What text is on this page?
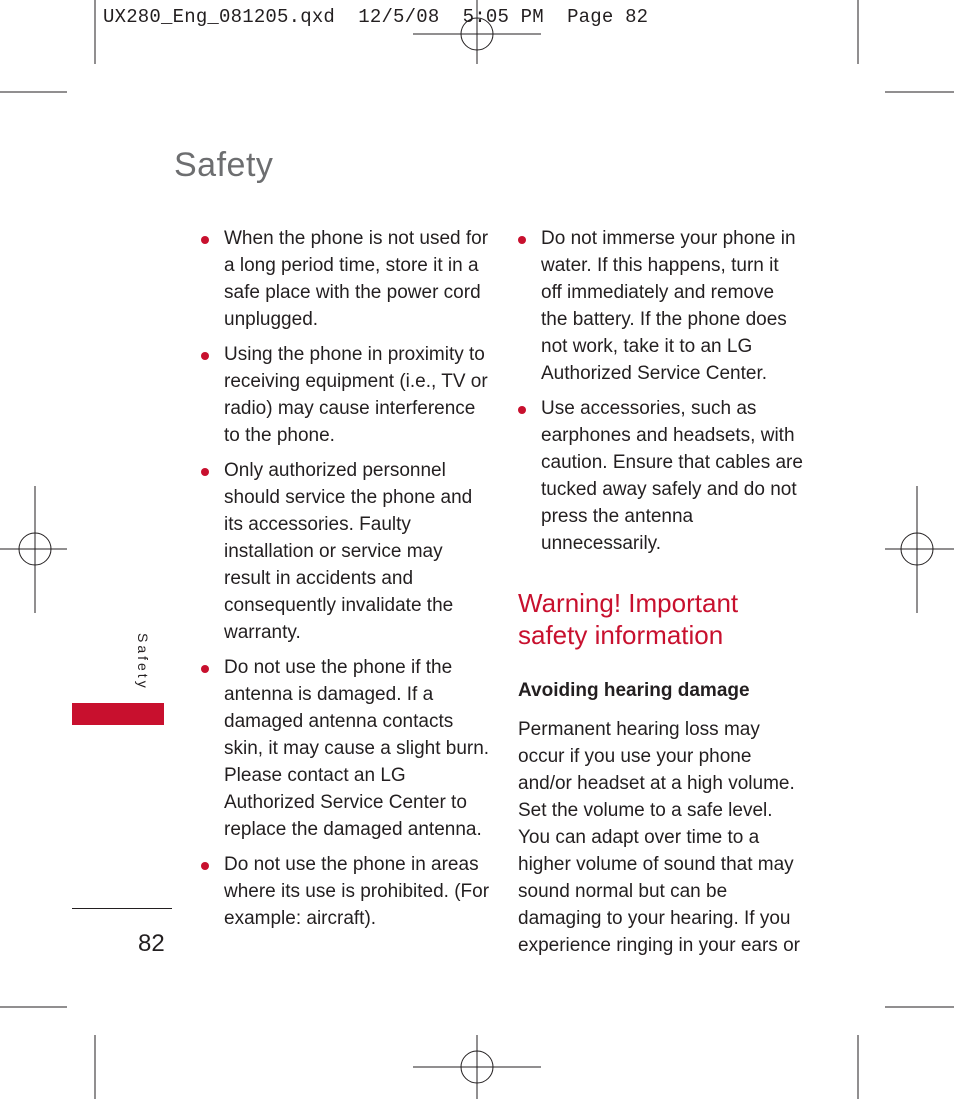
UX280_Eng_081205.qxd  12/5/08  5:05 PM  Page 82
Safety
When the phone is not used for a long period time, store it in a safe place with the power cord unplugged.
Using the phone in proximity to receiving equipment (i.e., TV or radio) may cause interference to the phone.
Only authorized personnel should service the phone and its accessories. Faulty installation or service may result in accidents and consequently invalidate the warranty.
Do not use the phone if the antenna is damaged. If a damaged antenna contacts skin, it may cause a slight burn. Please contact an LG Authorized Service Center to replace the damaged antenna.
Do not use the phone in areas where its use is prohibited. (For example: aircraft).
Do not immerse your phone in water. If this happens, turn it off immediately and remove the battery. If the phone does not work, take it to an LG Authorized Service Center.
Use accessories, such as earphones and headsets, with caution. Ensure that cables are tucked away safely and do not press the antenna unnecessarily.
Warning! Important safety information
Avoiding hearing damage

Permanent hearing loss may occur if you use your phone and/or headset at a high volume. Set the volume to a safe level. You can adapt over time to a higher volume of sound that may sound normal but can be damaging to your hearing. If you experience ringing in your ears or

Safety
82
